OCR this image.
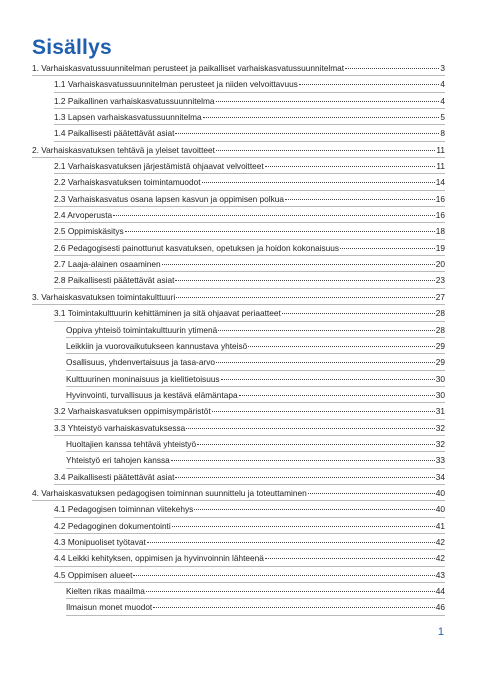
Sisällys
1. Varhaiskasvatussuunnitelman perusteet ja paikalliset varhaiskasvatussuunnitelmat	3
1.1 Varhaiskasvatussuunnitelman perusteet ja niiden velvoittavuus	4
1.2 Paikallinen varhaiskasvatussuunnitelma	4
1.3 Lapsen varhaiskasvatussuunnitelma	5
1.4 Paikallisesti päätettävät asiat	8
2. Varhaiskasvatuksen tehtävä ja yleiset tavoitteet	11
2.1 Varhaiskasvatuksen järjestämistä ohjaavat velvoitteet	11
2.2 Varhaiskasvatuksen toimintamuodot	14
2.3 Varhaiskasvatus osana lapsen kasvun ja oppimisen polkua	16
2.4 Arvoperusta	16
2.5 Oppimiskäsitys	18
2.6 Pedagogisesti painottunut kasvatuksen, opetuksen ja hoidon kokonaisuus	19
2.7 Laaja-alainen osaaminen	20
2.8 Paikallisesti päätettävät asiat	23
3. Varhaiskasvatuksen toimintakulttuuri	27
3.1 Toimintakulttuurin kehittäminen ja sitä ohjaavat periaatteet	28
Oppiva yhteisö toimintakulttuurin ytimenä	28
Leikkiin ja vuorovaikutukseen kannustava yhteisö	29
Osallisuus, yhdenvertaisuus ja tasa-arvo	29
Kulttuurinen moninaisuus ja kielitietoisuus	30
Hyvinvointi, turvallisuus ja kestävä elämäntapa	30
3.2 Varhaiskasvatuksen oppimisympäristöt	31
3.3 Yhteistyö varhaiskasvatuksessa	32
Huoltajien kanssa tehtävä yhteistyö	32
Yhteistyö eri tahojen kanssa	33
3.4 Paikallisesti päätettävät asiat	34
4. Varhaiskasvatuksen pedagogisen toiminnan suunnittelu ja toteuttaminen	40
4.1 Pedagogisen toiminnan viitekehys	40
4.2 Pedagoginen dokumentointi	41
4.3 Monipuoliset työtavat	42
4.4 Leikki kehityksen, oppimisen ja hyvinvoinnin lähteenä	42
4.5 Oppimisen alueet	43
Kielten rikas maailma	44
Ilmaisun monet muodot	46
1
